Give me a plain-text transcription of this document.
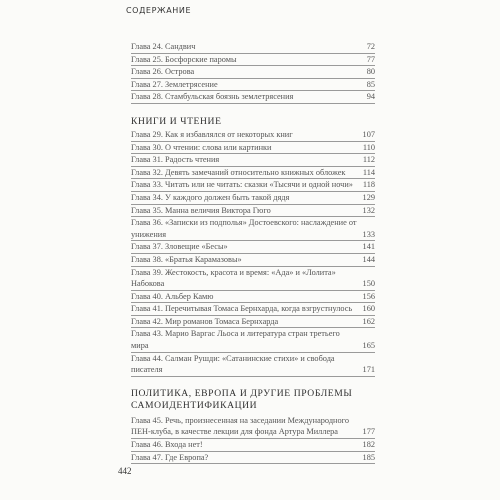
СОДЕРЖАНИЕ
Глава 24. Сандвич	72
Глава 25. Босфорские паромы	77
Глава 26. Острова	80
Глава 27. Землетрясение	85
Глава 28. Стамбульская боязнь землетрясения	94
КНИГИ И ЧТЕНИЕ
Глава 29. Как я избавлялся от некоторых книг	107
Глава 30. О чтении: слова или картинки	110
Глава 31. Радость чтения	112
Глава 32. Девять замечаний относительно книжных обложек	114
Глава 33. Читать или не читать: сказки «Тысячи и одной ночи»	118
Глава 34. У каждого должен быть такой дядя	129
Глава 35. Манна величия Виктора Гюго	132
Глава 36. «Записки из подполья» Достоевского: наслаждение от унижения	133
Глава 37. Зловещие «Бесы»	141
Глава 38. «Братья Карамазовы»	144
Глава 39. Жестокость, красота и время: «Ада» и «Лолита» Набокова	150
Глава 40. Альбер Камю	156
Глава 41. Перечитывая Томаса Бернхарда, когда взгрустнулось	160
Глава 42. Мир романов Томаса Бернхарда	162
Глава 43. Марио Варгас Льоса и литература стран третьего мира	165
Глава 44. Салман Рушди: «Сатанинские стихи» и свобода писателя	171
ПОЛИТИКА, ЕВРОПА И ДРУГИЕ ПРОБЛЕМЫ САМОИДЕНТИФИКАЦИИ
Глава 45. Речь, произнесенная на заседании Международного ПЕН-клуба, в качестве лекции для фонда Артура Миллера	177
Глава 46. Входа нет!	182
Глава 47. Где Европа?	185
442
